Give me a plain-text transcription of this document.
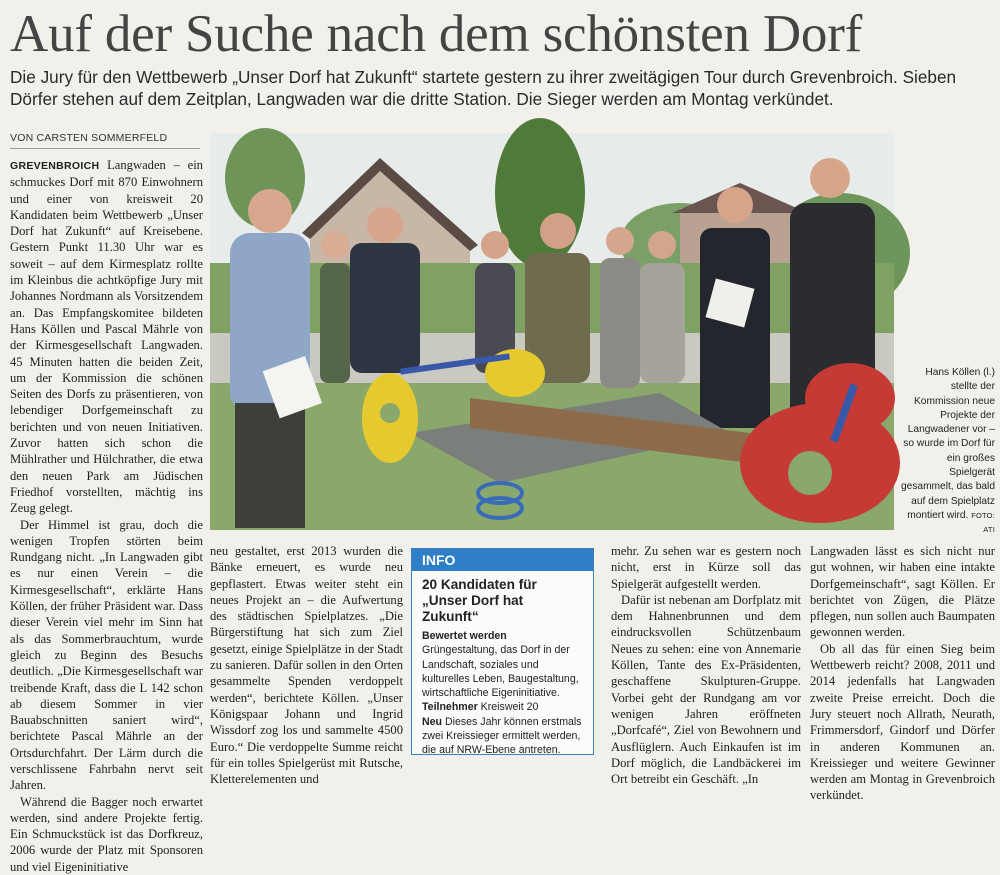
Auf der Suche nach dem schönsten Dorf
Die Jury für den Wettbewerb „Unser Dorf hat Zukunft“ startete gestern zu ihrer zweitägigen Tour durch Grevenbroich. Sieben Dörfer stehen auf dem Zeitplan, Langwaden war die dritte Station. Die Sieger werden am Montag verkündet.
VON CARSTEN SOMMERFELD

GREVENBROICH Langwaden – ein schmuckes Dorf mit 870 Einwohnern und einer von kreisweit 20 Kandidaten beim Wettbewerb „Unser Dorf hat Zukunft“ auf Kreisebene. Gestern Punkt 11.30 Uhr war es soweit – auf dem Kirmesplatz rollte im Kleinbus die achtköpfige Jury mit Johannes Nordmann als Vorsitzendem an. Das Empfangskomitee bildeten Hans Köllen und Pascal Mährle von der Kirmesgesellschaft Langwaden. 45 Minuten hatten die beiden Zeit, um der Kommission die schönen Seiten des Dorfs zu präsentieren, von lebendiger Dorfgemeinschaft zu berichten und von neuen Initiativen. Zuvor hatten sich schon die Mühlrather und Hülchrather, die etwa den neuen Park am Jüdischen Friedhof vorstellten, mächtig ins Zeug gelegt.

Der Himmel ist grau, doch die wenigen Tropfen störten beim Rundgang nicht. „In Langwaden gibt es nur einen Verein – die Kirmesgesellschaft“, erklärte Hans Köllen, der früher Präsident war. Dass dieser Verein viel mehr im Sinn hat als das Sommerbrauchtum, wurde gleich zu Beginn des Besuchs deutlich. „Die Kirmesgesellschaft war treibende Kraft, dass die L 142 schon ab diesem Sommer in vier Bauabschnitten saniert wird“, berichtete Pascal Mährle an der Ortsdurchfahrt. Der Lärm durch die verschlissene Fahrbahn nervt seit Jahren.

Während die Bagger noch erwartet werden, sind andere Projekte fertig. Ein Schmuckstück ist das Dorfkreuz, 2006 wurde der Platz mit Sponsoren und viel Eigeninitiative

Hans Köllen (l.) stellte der Kommission neue Projekte der Langwadener vor – so wurde im Dorf für ein großes Spielgerät gesammelt, das bald auf dem Spielplatz montiert wird. FOTO: ATI

neu gestaltet, erst 2013 wurden die Bänke erneuert, es wurde neu gepflastert. Etwas weiter steht ein neues Projekt an – die Aufwertung des städtischen Spielplatzes. „Die Bürgerstiftung hat sich zum Ziel gesetzt, einige Spielplätze in der Stadt zu sanieren. Dafür sollen in den Orten gesammelte Spenden verdoppelt werden“, berichtete Köllen. „Unser Königspaar Johann und Ingrid Wissdorf zog los und sammelte 4500 Euro.“ Die verdoppelte Summe reicht für ein tolles Spielgerüst mit Rutsche, Kletterelementen und

INFO
20 Kandidaten für „Unser Dorf hat Zukunft“

Bewertet werden Grüngestaltung, das Dorf in der Landschaft, soziales und kulturelles Leben, Baugestaltung, wirtschaftliche Eigeninitiative.

Teilnehmer Kreisweit 20

Neu Dieses Jahr können erstmals zwei Kreissieger ermittelt werden, die auf NRW-Ebene antreten.

mehr. Zu sehen war es gestern noch nicht, erst in Kürze soll das Spielgerät aufgestellt werden.

Dafür ist nebenan am Dorfplatz mit dem Hahnenbrunnen und dem eindrucksvollen Schützenbaum Neues zu sehen: eine von Annemarie Köllen, Tante des Ex-Präsidenten, geschaffene Skulpturen-Gruppe. Vorbei geht der Rundgang am vor wenigen Jahren eröffneten „Dorfcafé“, Ziel von Bewohnern und Ausflüglern. Auch Einkaufen ist im Dorf möglich, die Landbäckerei im Ort betreibt ein Geschäft. „In

Langwaden lässt es sich nicht nur gut wohnen, wir haben eine intakte Dorfgemeinschaft“, sagt Köllen. Er berichtet von Zügen, die Plätze pflegen, nun sollen auch Baumpaten gewonnen werden.

Ob all das für einen Sieg beim Wettbewerb reicht? 2008, 2011 und 2014 jedenfalls hat Langwaden zweite Preise erreicht. Doch die Jury steuert noch Allrath, Neurath, Frimmersdorf, Gindorf und Dörfer in anderen Kommunen an. Kreissieger und weitere Gewinner werden am Montag in Grevenbroich verkündet.
